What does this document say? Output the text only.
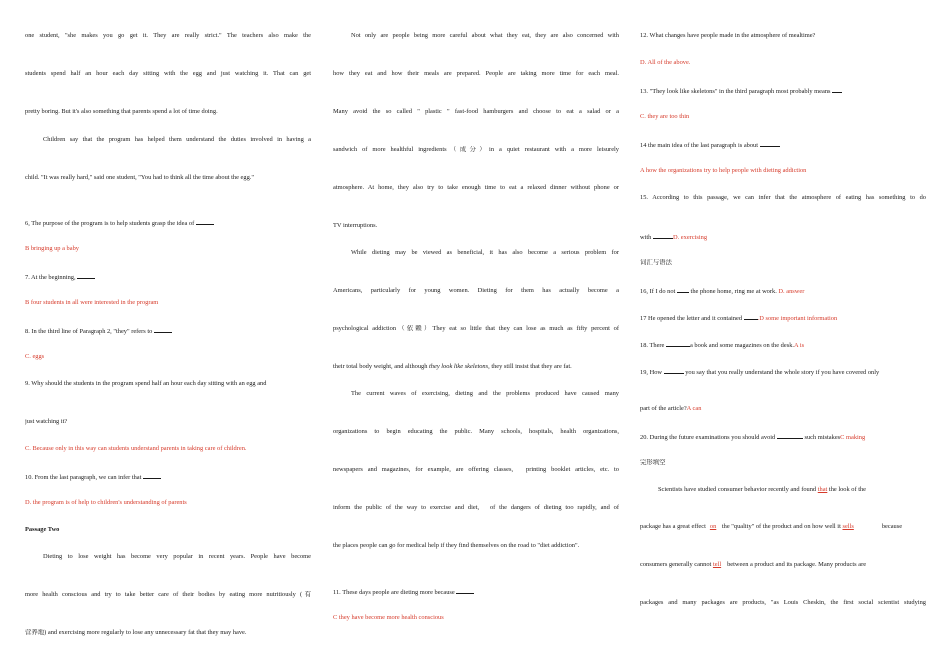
one student, "she makes you go get it. They are really strict." The teachers also make the
students spend half an hour each day sitting with the egg and just watching it. That can get
pretty boring. But it's also something that parents spend a lot of time doing.
Children say that the program has helped them understand the duties involved in having a
child. "It was really hard," said one student, "You had to think all the time about the egg."
6, The purpose of the program is to help students grasp the idea of
B bringing up a baby
7. At the beginning,
B four students in all were interested in the program
8. In the third line of Paragraph 2, "they" refers to
C. eggs
9. Why should the students in the program spend half an hour each day sitting with an egg and
just watching it?
C. Because only in this way can students understand parents in taking care of children.
10. From the last paragraph, we can infer that
D. the program is of help to children's understanding of parents
Passage Two
Dieting to lose weight has become very popular in recent years. People have become
more health conscious and try to take better care of their bodies by eating more nutritiously (有
营养地) and exercising more regularly to lose any unnecessary fat that they may have.
Not only are people being more careful about what they eat, they are also concerned with
how they eat and how their meals are prepared. People are taking more time for each meal.
Many avoid the so called " plastic " fast-food hamburgers and choose to eat a salad or a
sandwich of more healthful ingredients（成分）in a quiet restaurant with a more leisurely
atmosphere. At home, they also try to take enough time to eat a relaxed dinner without phone or
TV interruptions.
While dieting may be viewed as beneficial, it has also become a serious problem for
Americans, particularly for young women. Dieting for them has actually become a
psychological addiction（依赖）They eat so little that they can lose as much as fifty percent of
their total body weight, and although they look like skeletons, they still insist that they are fat.
The current waves of exercising, dieting and the problems produced have caused many
organizations to begin educating the public. Many schools, hospitals, health organizations,
newspapers and magazines, for example, are offering classes,　printing booklet articles, etc. to
inform the public of the way to exercise and diet,　of the dangers of dieting too rapidly, and of
the places people can go for medical help if they find themselves on the road to "diet addiction".
11. These days people are dieting more because
C they have become more health conscious
12. What changes have people made in the atmosphere of mealtime?
D. All of the above.
13. "They look like skeletons" in the third paragraph most probably means
C. they are too thin
14 the main idea of the last paragraph is about
A how the organizations try to help people with dieting addiction
15. According to this passage, we can infer that the atmosphere of eating has something to do
with	D. exercising
词汇与语法
16, If I do not the phone home, ring me at work. D. answer
17 He opened the letter and it contained .D some important information
18. There	a book and some magazines on the desk.A is
19, How	you say that you really understand the whole story if you have covered only
part of the article?A can
20. During the future examinations you should avoid	such mistakesC making
完形填空
Scientists have studied consumer behavior recently and found that the look of the
package has a great effect on the "quality" of the product and on how well it sells	because
consumers generally cannot tell between a product and its package. Many products are
packages and many packages are products, "as Louis Cheskin, the first social scientist studying
